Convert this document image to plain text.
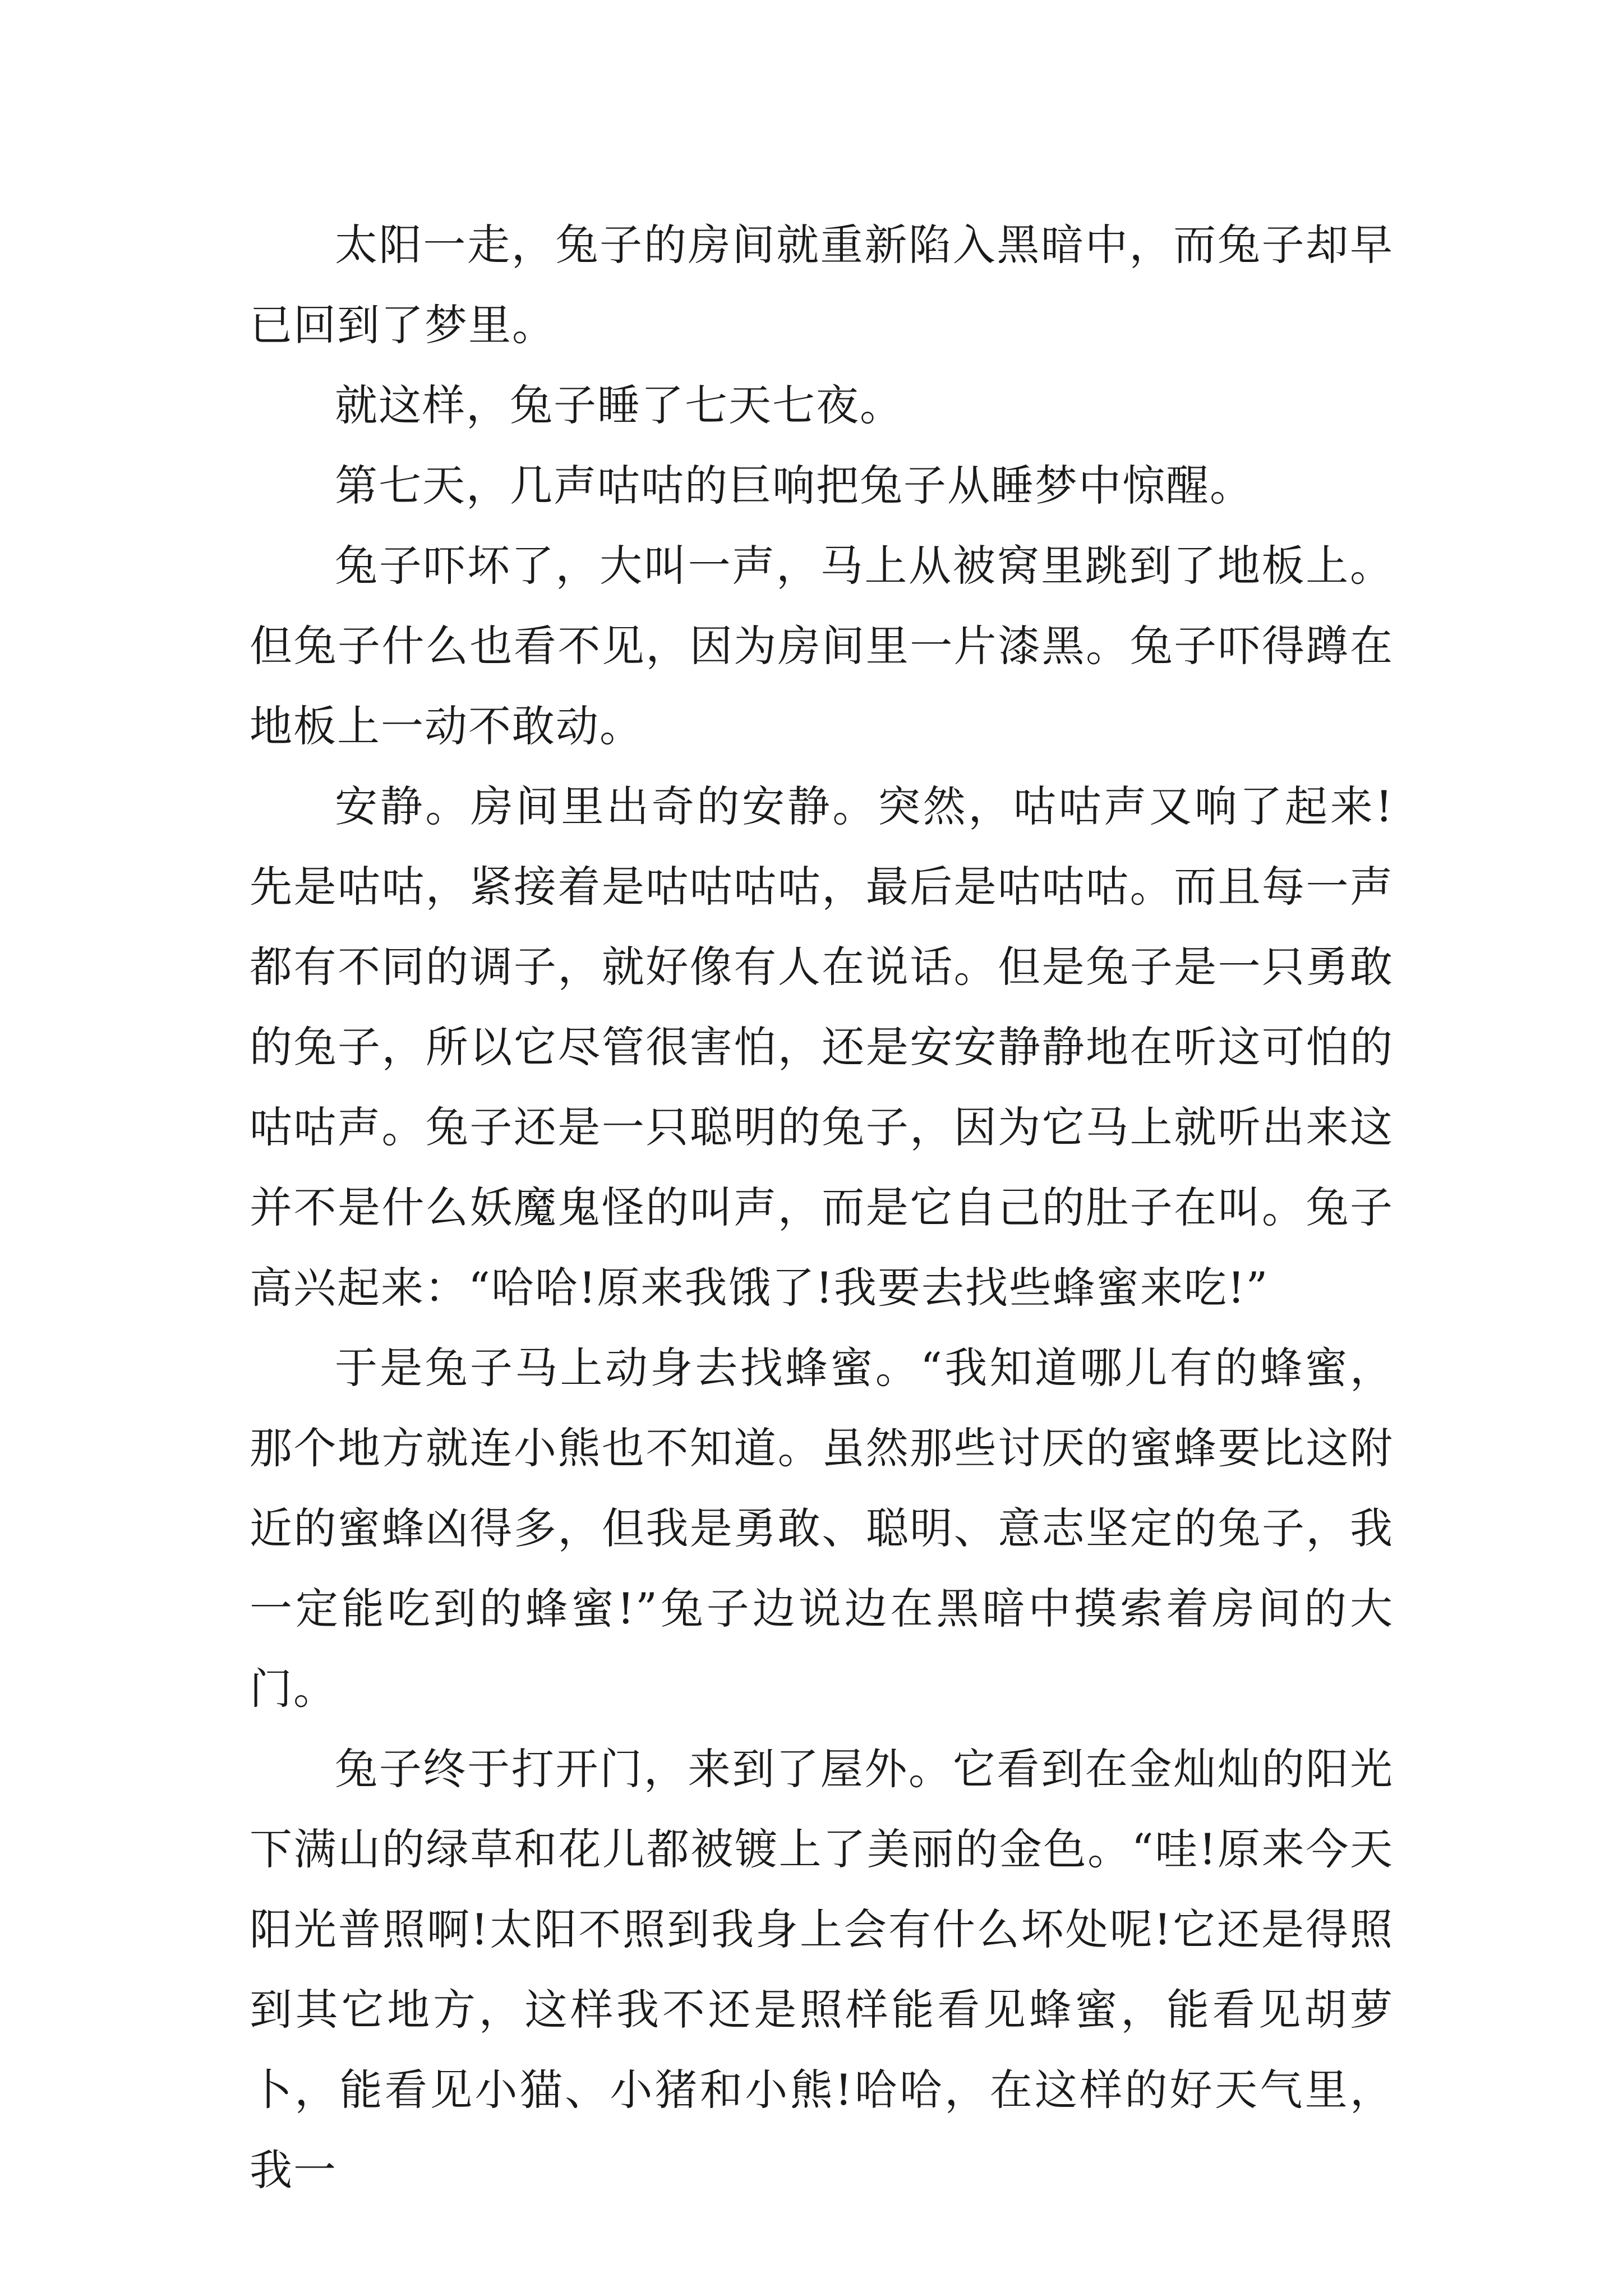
太阳一走，兔子的房间就重新陷入黑暗中，而兔子却早已回到了梦里。

就这样，兔子睡了七天七夜。

第七天，几声咕咕的巨响把兔子从睡梦中惊醒。

兔子吓坏了，大叫一声，马上从被窝里跳到了地板上。但兔子什么也看不见，因为房间里一片漆黑。兔子吓得蹲在地板上一动不敢动。

安静。房间里出奇的安静。突然，咕咕声又响了起来!先是咕咕，紧接着是咕咕咕咕，最后是咕咕咕。而且每一声都有不同的调子，就好像有人在说话。但是兔子是一只勇敢的兔子，所以它尽管很害怕，还是安安静静地在听这可怕的咕咕声。兔子还是一只聪明的兔子，因为它马上就听出来这并不是什么妖魔鬼怪的叫声，而是它自己的肚子在叫。兔子高兴起来：“哈哈!原来我饿了!我要去找些蜂蜜来吃!”

于是兔子马上动身去找蜂蜜。“我知道哪儿有的蜂蜜，那个地方就连小熊也不知道。虽然那些讨厌的蜜蜂要比这附近的蜜蜂凶得多，但我是勇敢、聪明、意志坚定的兔子，我一定能吃到的蜂蜜!”兔子边说边在黑暗中摸索着房间的大门。

兔子终于打开门，来到了屋外。它看到在金灿灿的阳光下满山的绿草和花儿都被镀上了美丽的金色。“哇!原来今天阳光普照啊!太阳不照到我身上会有什么坏处呢!它还是得照到其它地方，这样我不还是照样能看见蜂蜜，能看见胡萝卜，能看见小猫、小猪和小熊!哈哈，在这样的好天气里，我一
